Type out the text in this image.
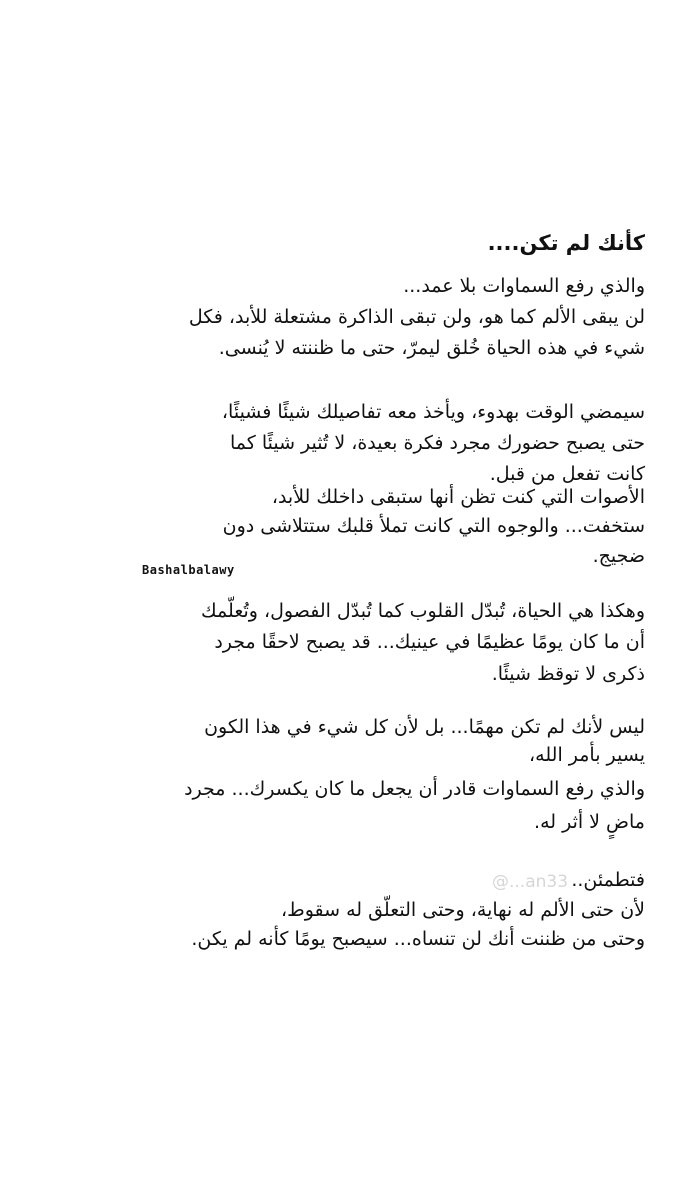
كأنك لم تكن....
والذي رفع السماوات بلا عمد...
لن يبقى الألم كما هو، ولن تبقى الذاكرة مشتعلة للأبد، فكل
شيء في هذه الحياة خُلق ليمرّ، حتى ما ظننته لا يُنسى.
سيمضي الوقت بهدوء، ويأخذ معه تفاصيلك شيئًا فشيئًا،
حتى يصبح حضورك مجرد فكرة بعيدة، لا تُثير شيئًا كما
كانت تفعل من قبل.
الأصوات التي كنت تظن أنها ستبقى داخلك للأبد،
ستخفت... والوجوه التي كانت تملأ قلبك ستتلاشى دون
ضجيج.
Bashalbalawy
وهكذا هي الحياة، تُبدّل القلوب كما تُبدّل الفصول، وتُعلّمك
أن ما كان يومًا عظيمًا في عينيك... قد يصبح لاحقًا مجرد
ذكرى لا توقظ شيئًا.
ليس لأنك لم تكن مهمًا... بل لأن كل شيء في هذا الكون
يسير بأمر الله،
والذي رفع السماوات قادر أن يجعل ما كان يكسرك... مجرد
ماضٍ لا أثر له.
@...an33 فتطمئن..
لأن حتى الألم له نهاية، وحتى التعلّق له سقوط،
وحتى من ظننت أنك لن تنساه... سيصبح يومًا كأنه لم يكن.
